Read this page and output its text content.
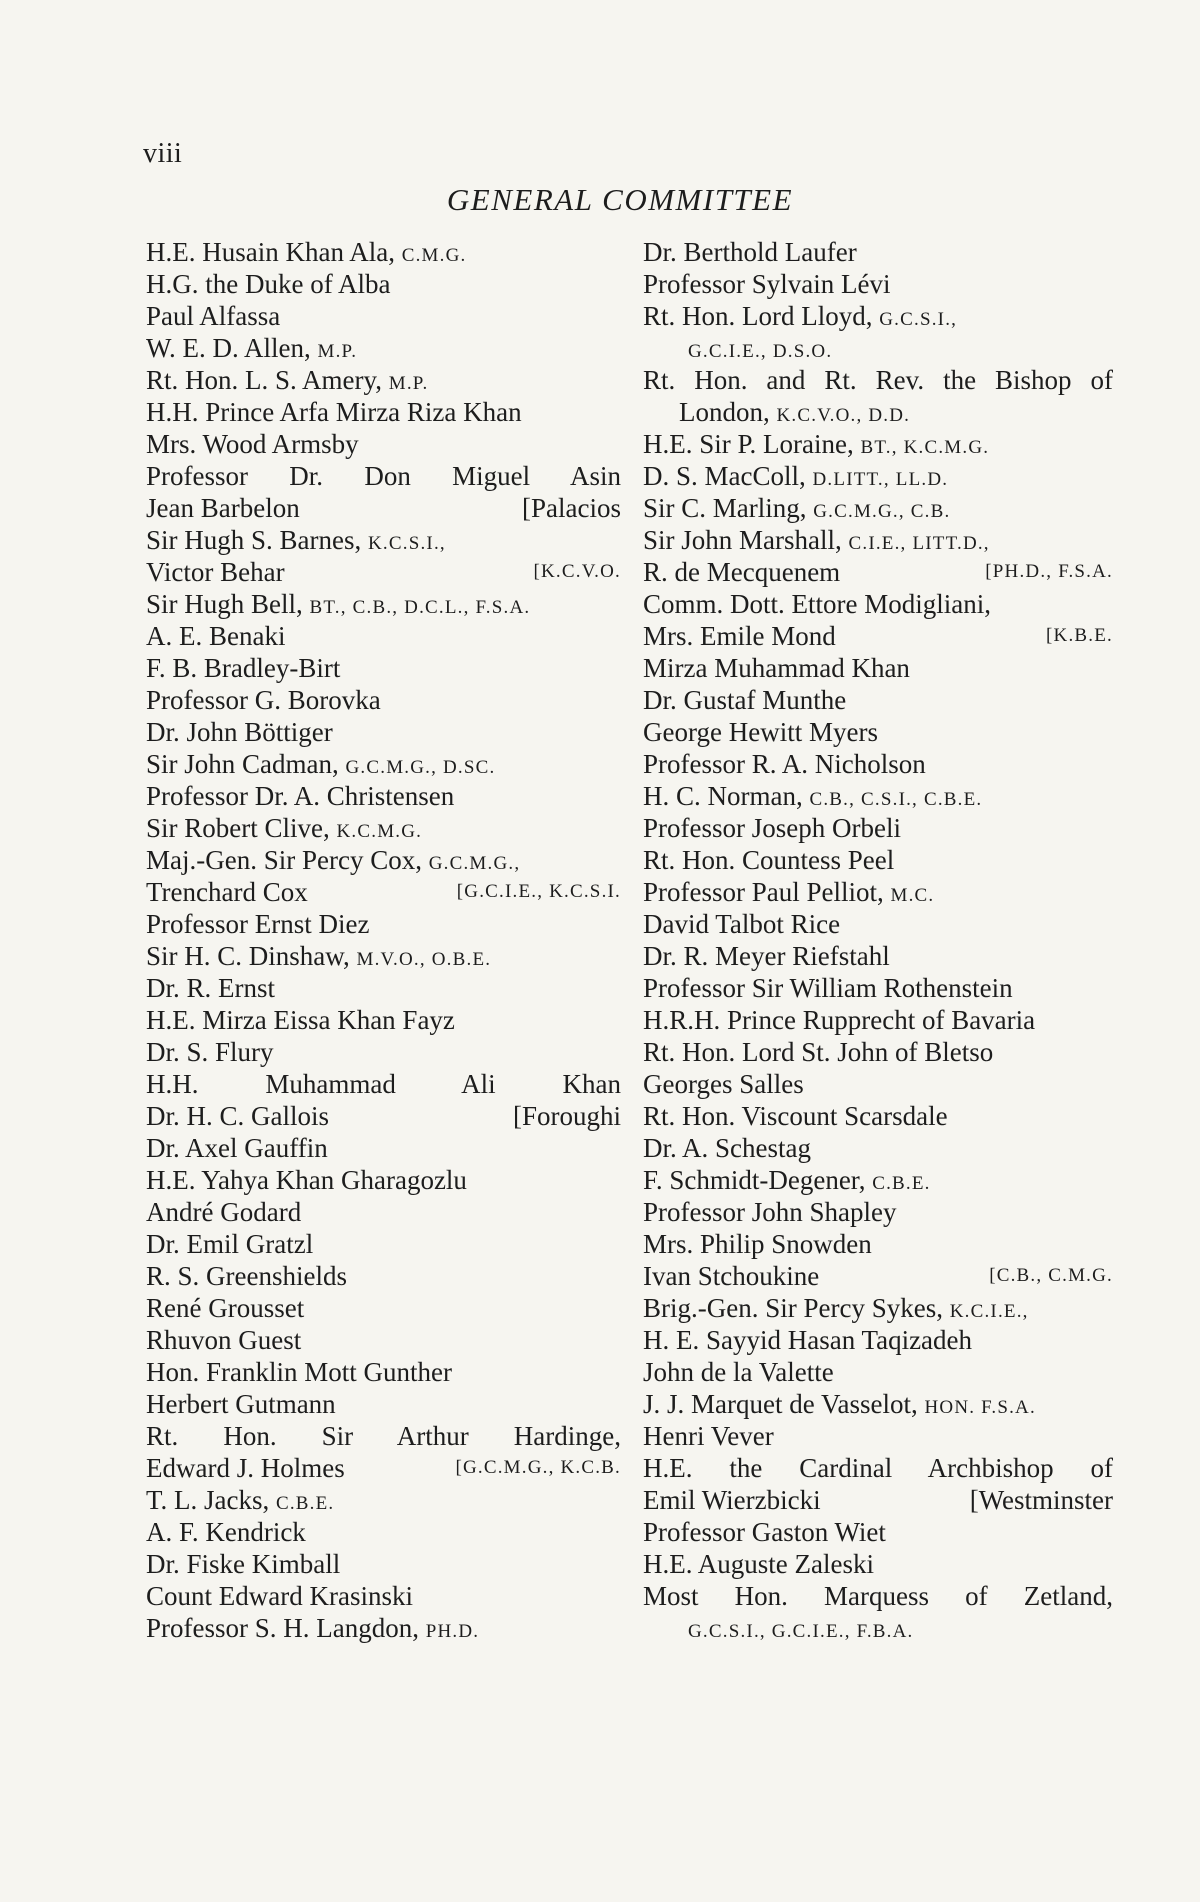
viii
GENERAL COMMITTEE
H.E. Husain Khan Ala, C.M.G.
H.G. the Duke of Alba
Paul Alfassa
W. E. D. Allen, M.P.
Rt. Hon. L. S. Amery, M.P.
H.H. Prince Arfa Mirza Riza Khan
Mrs. Wood Armsby
Professor Dr. Don Miguel Asin
Jean Barbelon	[Palacios
Sir Hugh S. Barnes, K.C.S.I.,
Victor Behar	[K.C.V.O.
Sir Hugh Bell, BT., C.B., D.C.L., F.S.A.
A. E. Benaki
F. B. Bradley-Birt
Professor G. Borovka
Dr. John Böttiger
Sir John Cadman, G.C.M.G., D.SC.
Professor Dr. A. Christensen
Sir Robert Clive, K.C.M.G.
Maj.-Gen. Sir Percy Cox, G.C.M.G.,
Trenchard Cox	[G.C.I.E., K.C.S.I.
Professor Ernst Diez
Sir H. C. Dinshaw, M.V.O., O.B.E.
Dr. R. Ernst
H.E. Mirza Eissa Khan Fayz
Dr. S. Flury
H.H. Muhammad Ali Khan
Dr. H. C. Gallois	[Foroughi
Dr. Axel Gauffin
H.E. Yahya Khan Gharagozlu
André Godard
Dr. Emil Gratzl
R. S. Greenshields
René Grousset
Rhuvon Guest
Hon. Franklin Mott Gunther
Herbert Gutmann
Rt. Hon. Sir Arthur Hardinge,
Edward J. Holmes	[G.C.M.G., K.C.B.
T. L. Jacks, C.B.E.
A. F. Kendrick
Dr. Fiske Kimball
Count Edward Krasinski
Professor S. H. Langdon, PH.D.
Dr. Berthold Laufer
Professor Sylvain Lévi
Rt. Hon. Lord Lloyd, G.C.S.I.,
G.C.I.E., D.S.O.
Rt. Hon. and Rt. Rev. the Bishop of
London, K.C.V.O., D.D.
H.E. Sir P. Loraine, BT., K.C.M.G.
D. S. MacColl, D.LITT., LL.D.
Sir C. Marling, G.C.M.G., C.B.
Sir John Marshall, C.I.E., LITT.D.,
R. de Mecquenem	[PH.D., F.S.A.
Comm. Dott. Ettore Modigliani,
Mrs. Emile Mond	[K.B.E.
Mirza Muhammad Khan
Dr. Gustaf Munthe
George Hewitt Myers
Professor R. A. Nicholson
H. C. Norman, C.B., C.S.I., C.B.E.
Professor Joseph Orbeli
Rt. Hon. Countess Peel
Professor Paul Pelliot, M.C.
David Talbot Rice
Dr. R. Meyer Riefstahl
Professor Sir William Rothenstein
H.R.H. Prince Rupprecht of Bavaria
Rt. Hon. Lord St. John of Bletso
Georges Salles
Rt. Hon. Viscount Scarsdale
Dr. A. Schestag
F. Schmidt-Degener, C.B.E.
Professor John Shapley
Mrs. Philip Snowden
Ivan Stchoukine	[C.B., C.M.G.
Brig.-Gen. Sir Percy Sykes, K.C.I.E.,
H. E. Sayyid Hasan Taqizadeh
John de la Valette
J. J. Marquet de Vasselot, HON. F.S.A.
Henri Vever
H.E. the Cardinal Archbishop of
Emil Wierzbicki	[Westminster
Professor Gaston Wiet
H.E. Auguste Zaleski
Most Hon. Marquess of Zetland,
G.C.S.I., G.C.I.E., F.B.A.
